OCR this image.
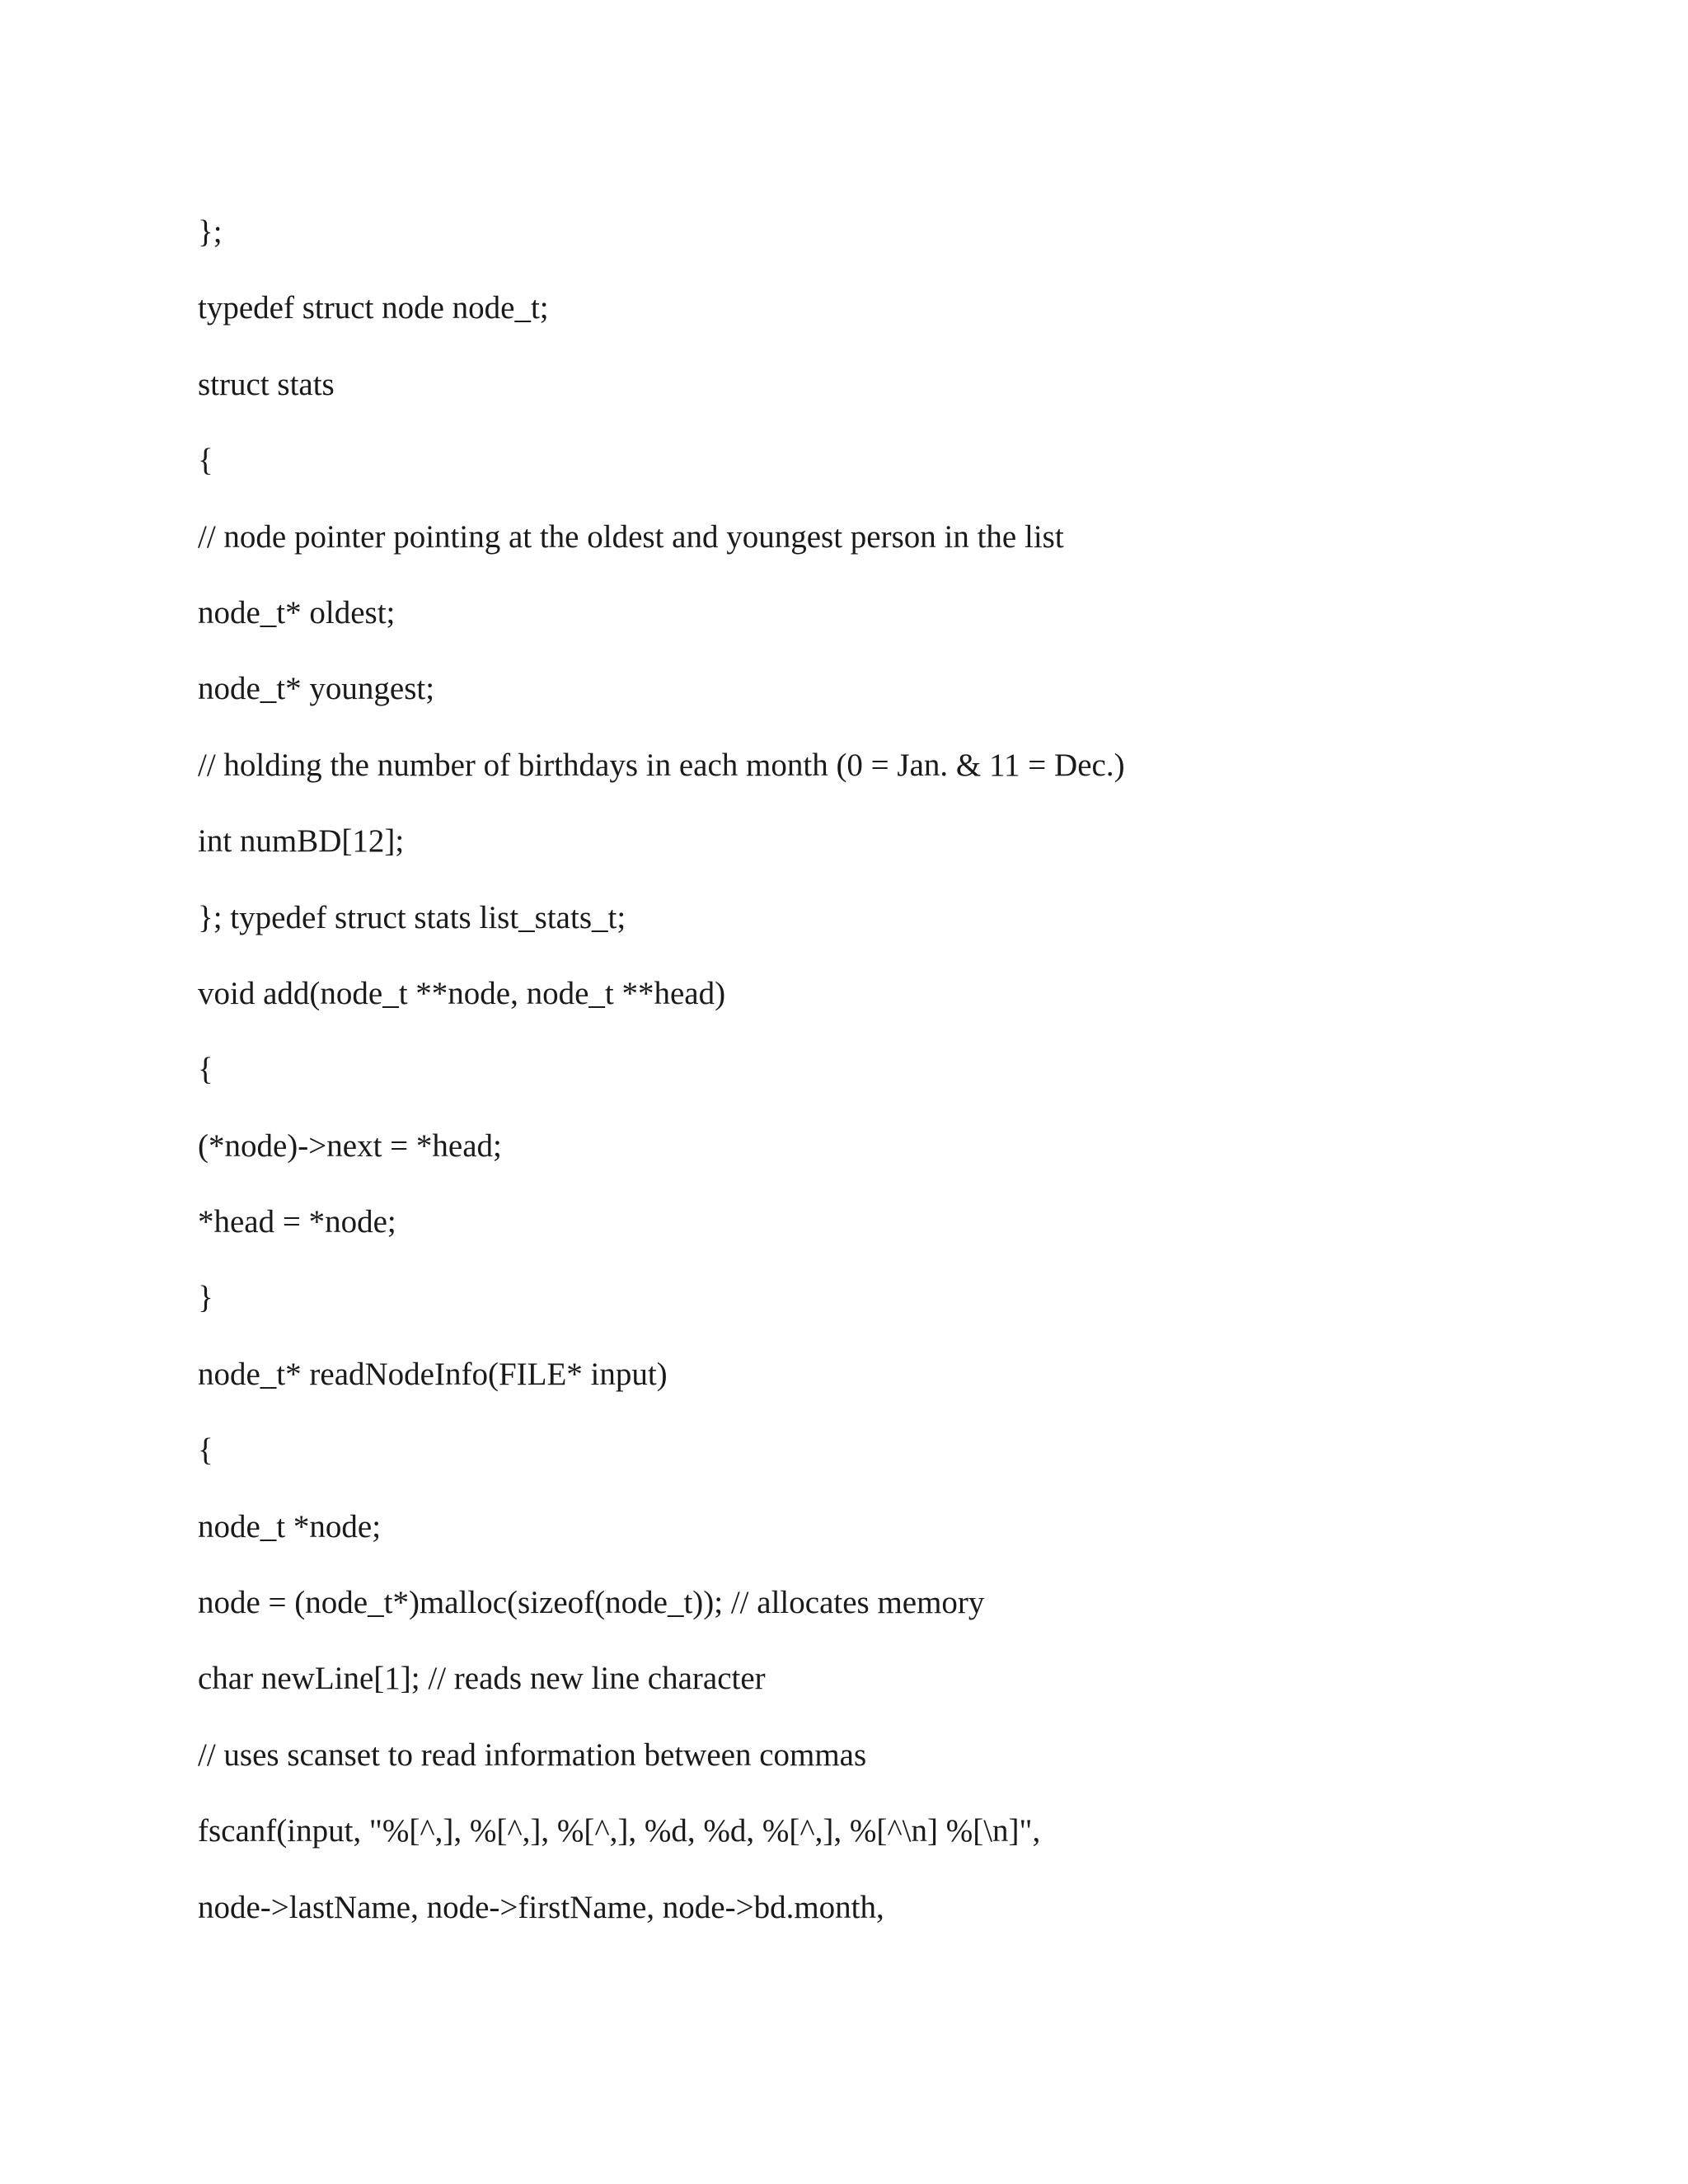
};
typedef struct node node_t;
struct stats
{
// node pointer pointing at the oldest and youngest person in the list
node_t* oldest;
node_t* youngest;
// holding the number of birthdays in each month (0 = Jan. & 11 = Dec.)
int numBD[12];
}; typedef struct stats list_stats_t;
void add(node_t **node, node_t **head)
{
(*node)->next = *head;
*head = *node;
}
node_t* readNodeInfo(FILE* input)
{
node_t *node;
node = (node_t*)malloc(sizeof(node_t)); // allocates memory
char newLine[1]; // reads new line character
// uses scanset to read information between commas
fscanf(input, "%[^,], %[^,], %[^,], %d, %d, %[^,], %[^\n] %[\n]",
node->lastName, node->firstName, node->bd.month,
